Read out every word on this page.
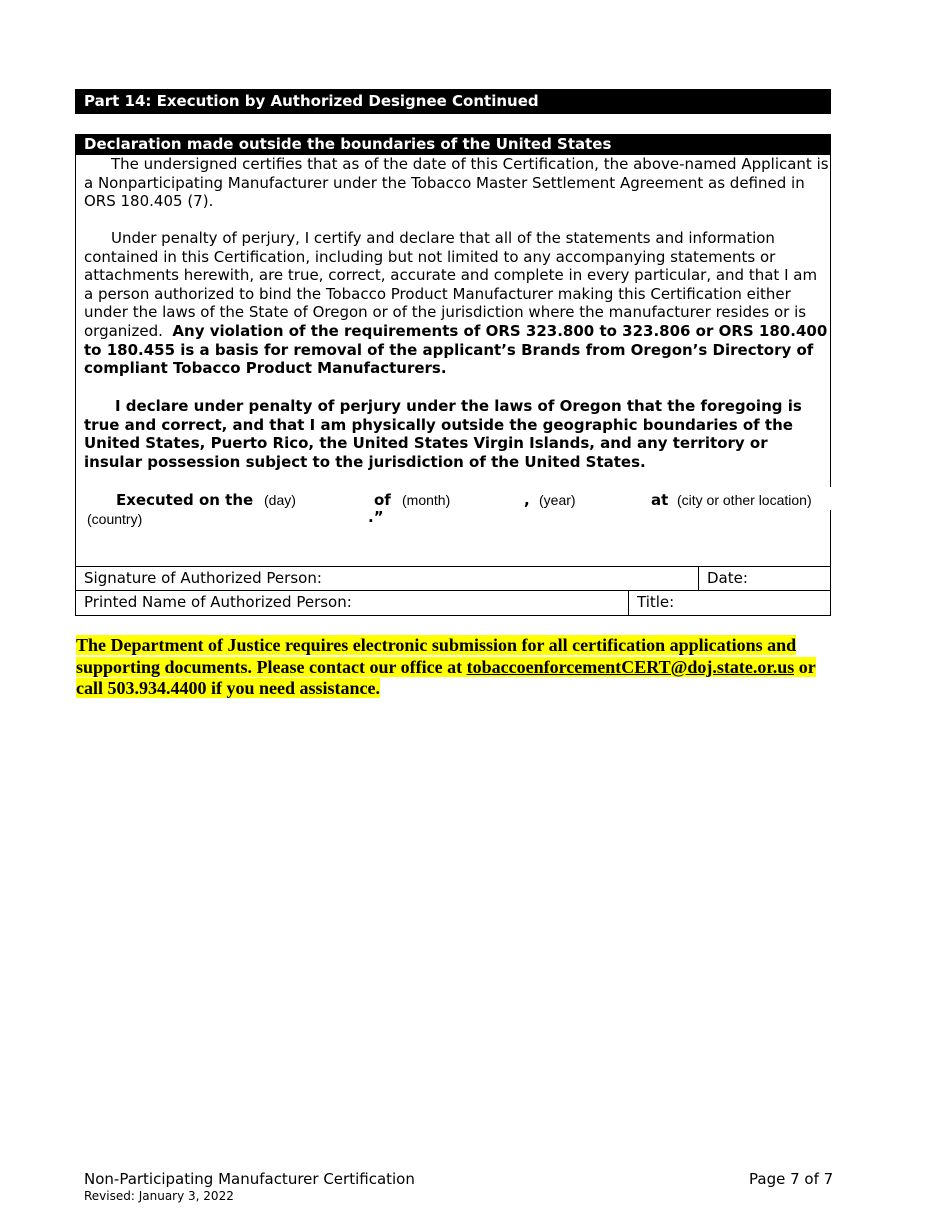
Part 14: Execution by Authorized Designee Continued
Declaration made outside the boundaries of the United States

The undersigned certifies that as of the date of this Certification, the above-named Applicant is a Nonparticipating Manufacturer under the Tobacco Master Settlement Agreement as defined in ORS 180.405 (7).

Under penalty of perjury, I certify and declare that all of the statements and information contained in this Certification, including but not limited to any accompanying statements or attachments herewith, are true, correct, accurate and complete in every particular, and that I am a person authorized to bind the Tobacco Product Manufacturer making this Certification either under the laws of the State of Oregon or of the jurisdiction where the manufacturer resides or is organized. Any violation of the requirements of ORS 323.800 to 323.806 or ORS 180.400 to 180.455 is a basis for removal of the applicant’s Brands from Oregon’s Directory of compliant Tobacco Product Manufacturers.

I declare under penalty of perjury under the laws of Oregon that the foregoing is true and correct, and that I am physically outside the geographic boundaries of the United States, Puerto Rico, the United States Virgin Islands, and any territory or insular possession subject to the jurisdiction of the United States.

Executed on the (day)	of (month)	, (year)	at (city or other location)
(country)	.”
Signature of Authorized Person:	Date:
Printed Name of Authorized Person:	Title:
The Department of Justice requires electronic submission for all certification applications and supporting documents. Please contact our office at tobaccoenforcementCERT@doj.state.or.us or call 503.934.4400 if you need assistance.
Non-Participating Manufacturer Certification
Revised: January 3, 2022
Page 7 of 7
